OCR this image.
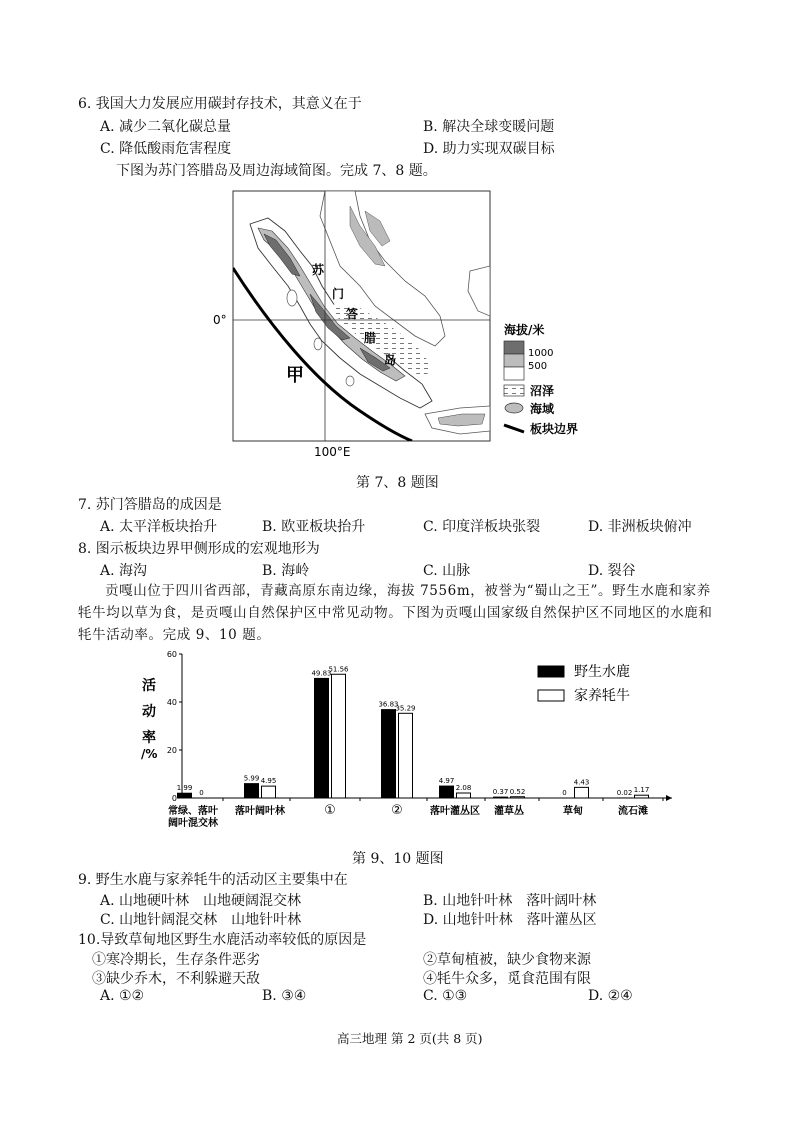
6. 我国大力发展应用碳封存技术，其意义在于
A. 减少二氧化碳总量	B. 解决全球变暖问题
C. 降低酸雨危害程度	D. 助力实现双碳目标
下图为苏门答腊岛及周边海域简图。完成 7、8 题。
0°
100°E
甲
苏
门
答
腊
岛
海拔/米
1000
500
沼泽
海域
板块边界
第 7、8 题图
7. 苏门答腊岛的成因是
A. 太平洋板块抬升	B. 欧亚板块抬升	C. 印度洋板块张裂	D. 非洲板块俯冲
8. 图示板块边界甲侧形成的宏观地形为
A. 海沟	B. 海岭	C. 山脉	D. 裂谷
贡嘎山位于四川省西部，青藏高原东南边缘，海拔 7556m，被誉为“蜀山之王”。野生水鹿和家养牦牛均以草为食，是贡嘎山自然保护区中常见动物。下图为贡嘎山国家级自然保护区不同地区的水鹿和牦牛活动率。完成 9、10 题。
0
20
40
60
活
动
率
/%
1.99
0
常绿、落叶
阔叶混交林
5.99 4.95
落叶阔叶林
49.83
51.56
①
36.83
35.29
②
4.97
2.08
落叶灌丛区
0.37 0.52
灌草丛
0
4.43
草甸
0.02 1.17
流石滩
野生水鹿
家养牦牛
第 9、10 题图
9. 野生水鹿与家养牦牛的活动区主要集中在
A. 山地硬叶林　山地硬阔混交林	B. 山地针叶林　落叶阔叶林
C. 山地针阔混交林　山地针叶林	D. 山地针叶林　落叶灌丛区
10.导致草甸地区野生水鹿活动率较低的原因是
①寒冷期长，生存条件恶劣	②草甸植被，缺少食物来源
③缺少乔木，不利躲避天敌	④牦牛众多，觅食范围有限
A. ①②	B. ③④	C. ①③	D. ②④
高三地理 第 2 页(共 8 页)
